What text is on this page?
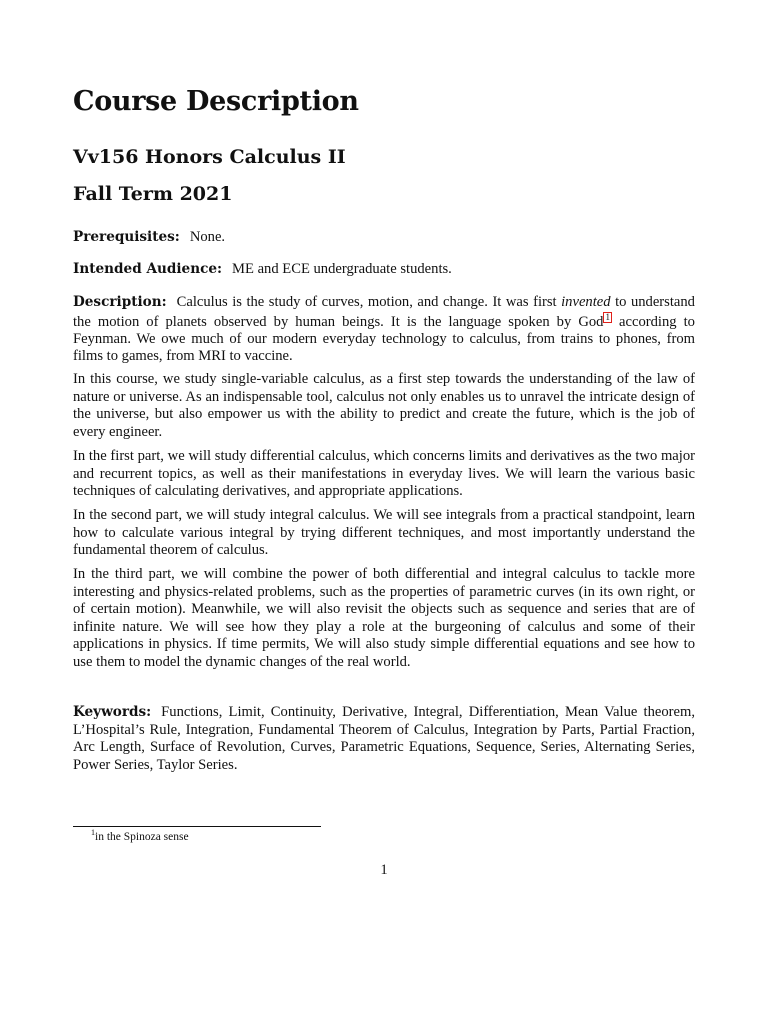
Course Description
Vv156 Honors Calculus II
Fall Term 2021
Prerequisites: None.
Intended Audience: ME and ECE undergraduate students.

Description: Calculus is the study of curves, motion, and change. It was first invented to understand the motion of planets observed by human beings. It is the language spoken by God 1 according to Feynman. We owe much of our modern everyday technology to calculus, from trains to phones, from films to games, from MRI to vaccine.

In this course, we study single-variable calculus, as a first step towards the understanding of the law of nature or universe. As an indispensable tool, calculus not only enables us to unravel the intricate design of the universe, but also empower us with the ability to predict and create the future, which is the job of every engineer.

In the first part, we will study differential calculus, which concerns limits and derivatives as the two major and recurrent topics, as well as their manifestations in everyday lives. We will learn the various basic techniques of calculating derivatives, and appropriate applications.

In the second part, we will study integral calculus. We will see integrals from a practical standpoint, learn how to calculate various integral by trying different techniques, and most importantly understand the fundamental theorem of calculus.

In the third part, we will combine the power of both differential and integral calculus to tackle more interesting and physics-related problems, such as the properties of parametric curves (in its own right, or of certain motion). Meanwhile, we will also revisit the objects such as sequence and series that are of infinite nature. We will see how they play a role at the burgeoning of calculus and some of their applications in physics. If time permits, We will also study simple differential equations and see how to use them to model the dynamic changes of the real world.

Keywords: Functions, Limit, Continuity, Derivative, Integral, Differentiation, Mean Value theorem, L’Hospital’s Rule, Integration, Fundamental Theorem of Calculus, Integration by Parts, Partial Fraction, Arc Length, Surface of Revolution, Curves, Parametric Equations, Sequence, Series, Alternating Series, Power Series, Taylor Series.

$^1$in the Spinoza sense
1
